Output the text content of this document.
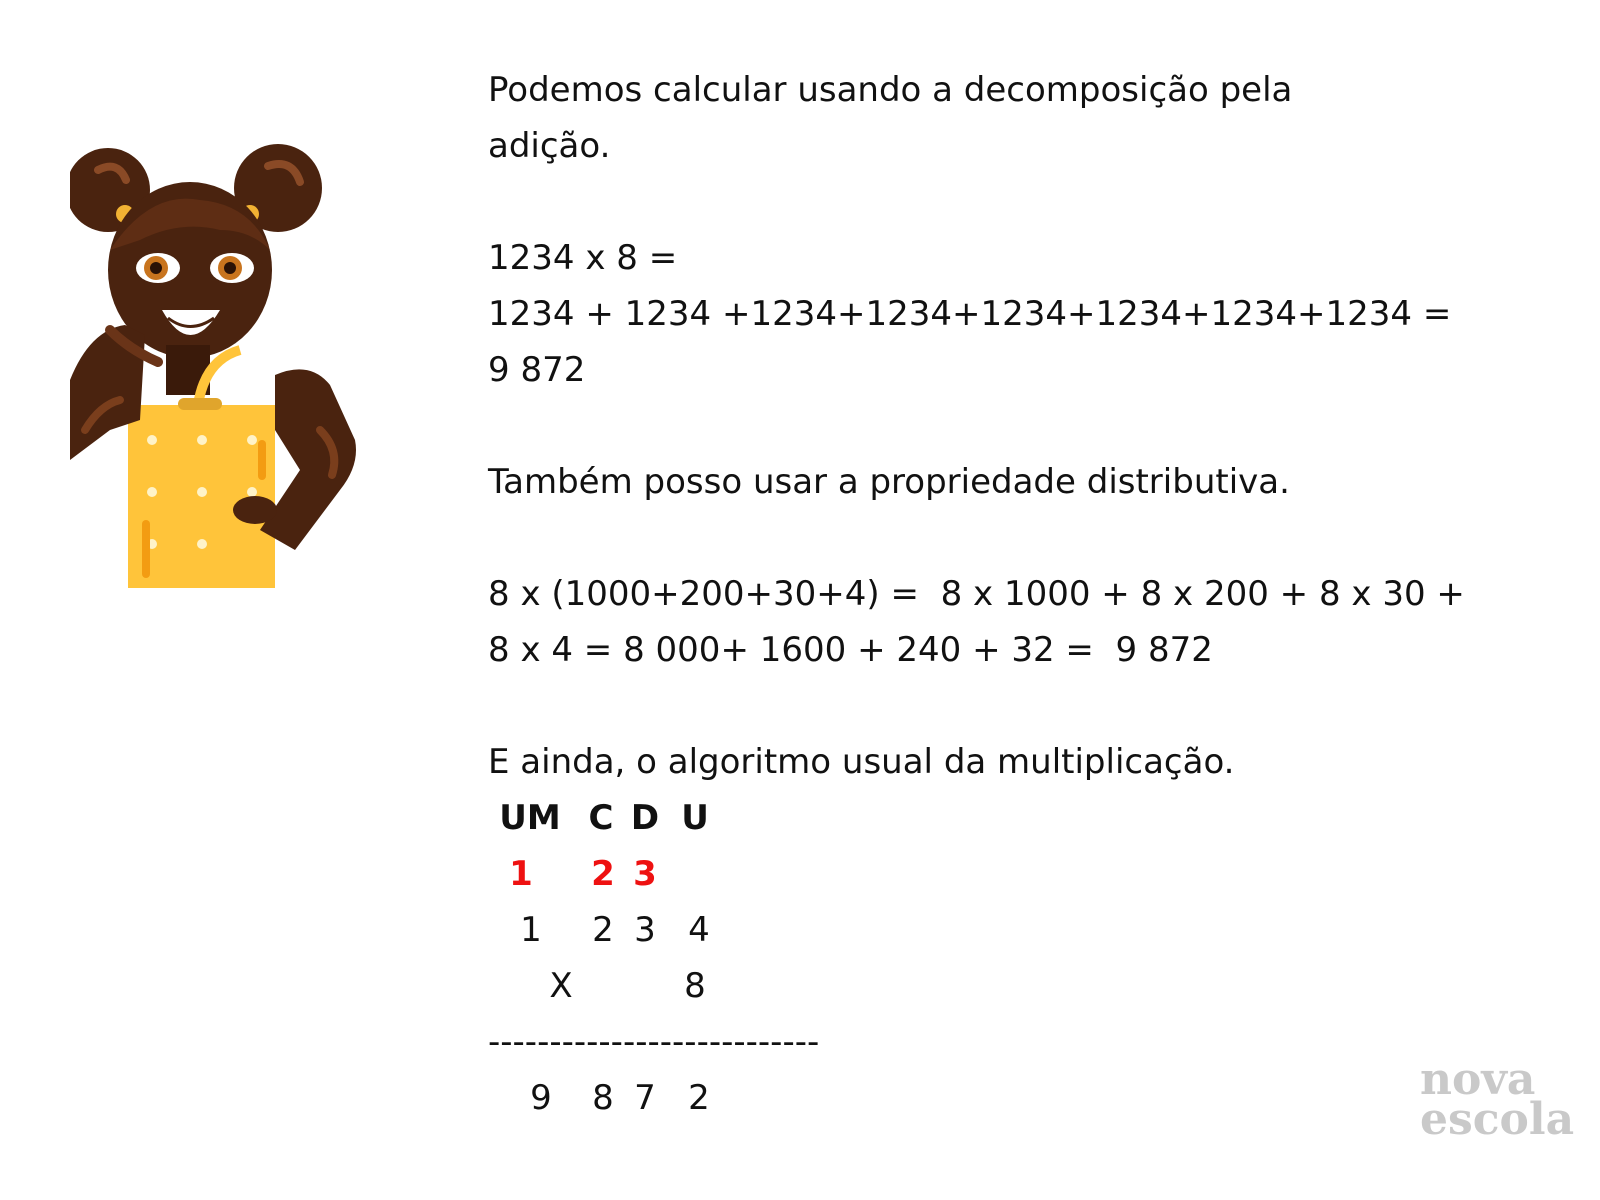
Podemos calcular usando a decomposição pela
adição.
1234 x 8 =
1234 + 1234 +1234+1234+1234+1234+1234+1234 =
9 872
Também posso usar a propriedade distributiva.
8 x (1000+200+30+4) =  8 x 1000 + 8 x 200 + 8 x 30 +
8 x 4 = 8 000+ 1600 + 240 + 32 =  9 872
E ainda, o algoritmo usual da multiplicação.
UM C D U
1 2 3
1 2 3 4
X	8
---------------------------
9 8 7 2	nova
escola
